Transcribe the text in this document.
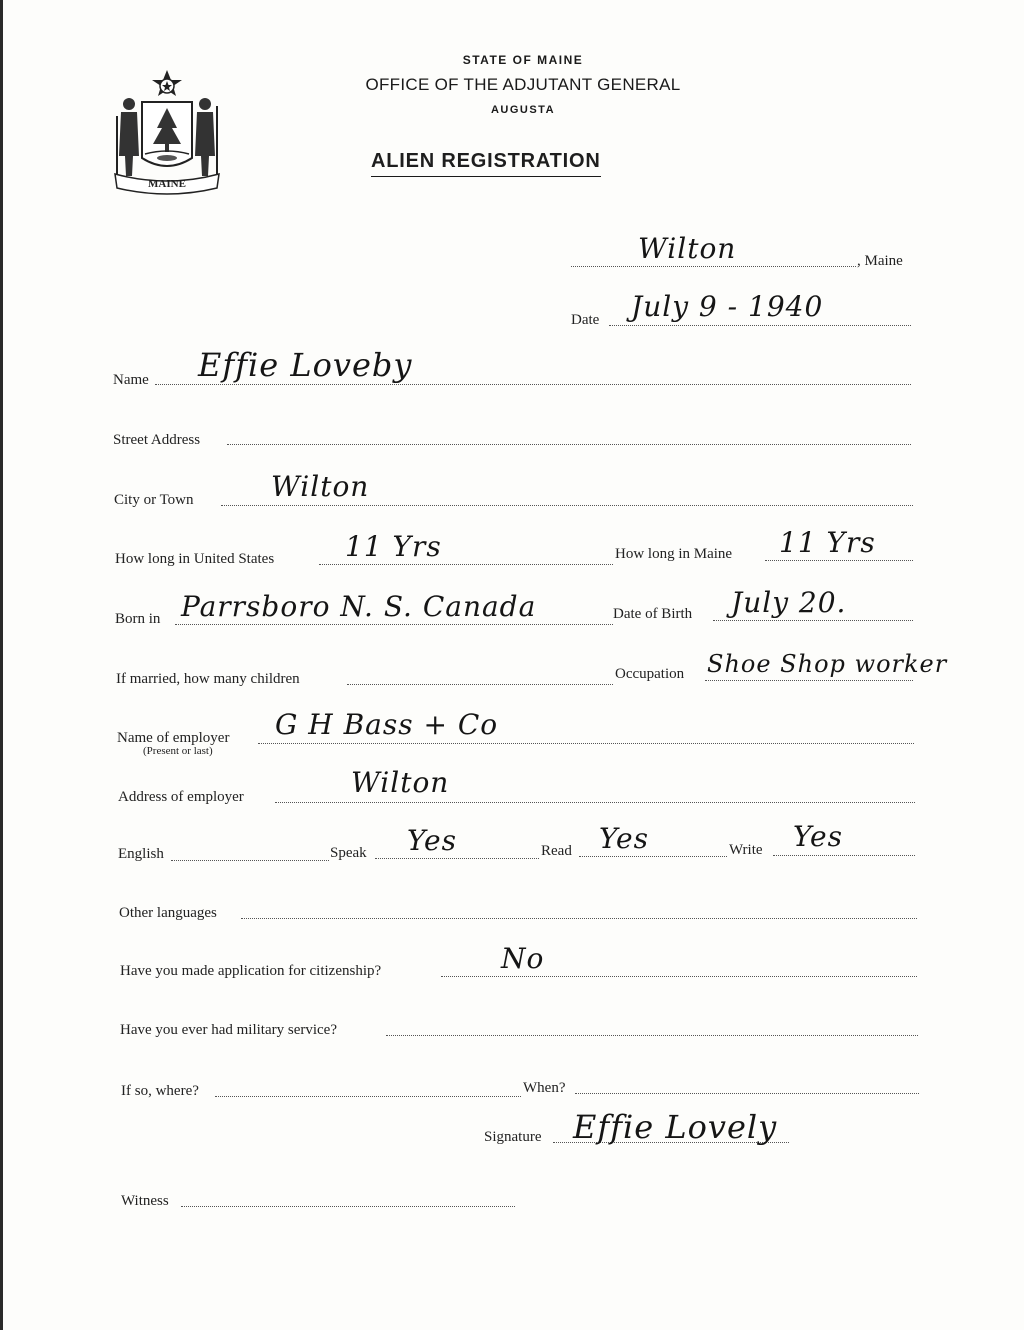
MAINE
STATE OF MAINE
OFFICE OF THE ADJUTANT GENERAL
AUGUSTA
ALIEN REGISTRATION
Wilton	, Maine
Date July 9 - 1940
Name Effie Loveby
Street Address
City or Town	Wilton
How long in United States	11 Yrs	How long in Maine 11 Yrs
Born in Parrsboro N. S. Canada	Date of Birth July 20.
If married, how many children	Occupation Shoe Shop worker
Name of employer
(Present or last)
G H Bass + Co
Address of employer	Wilton
English	Speak Yes	Read Yes	Write Yes
Other languages
Have you made application for citizenship?	No
Have you ever had military service?
If so, where?	When?
Signature Effie Lovely
Witness
